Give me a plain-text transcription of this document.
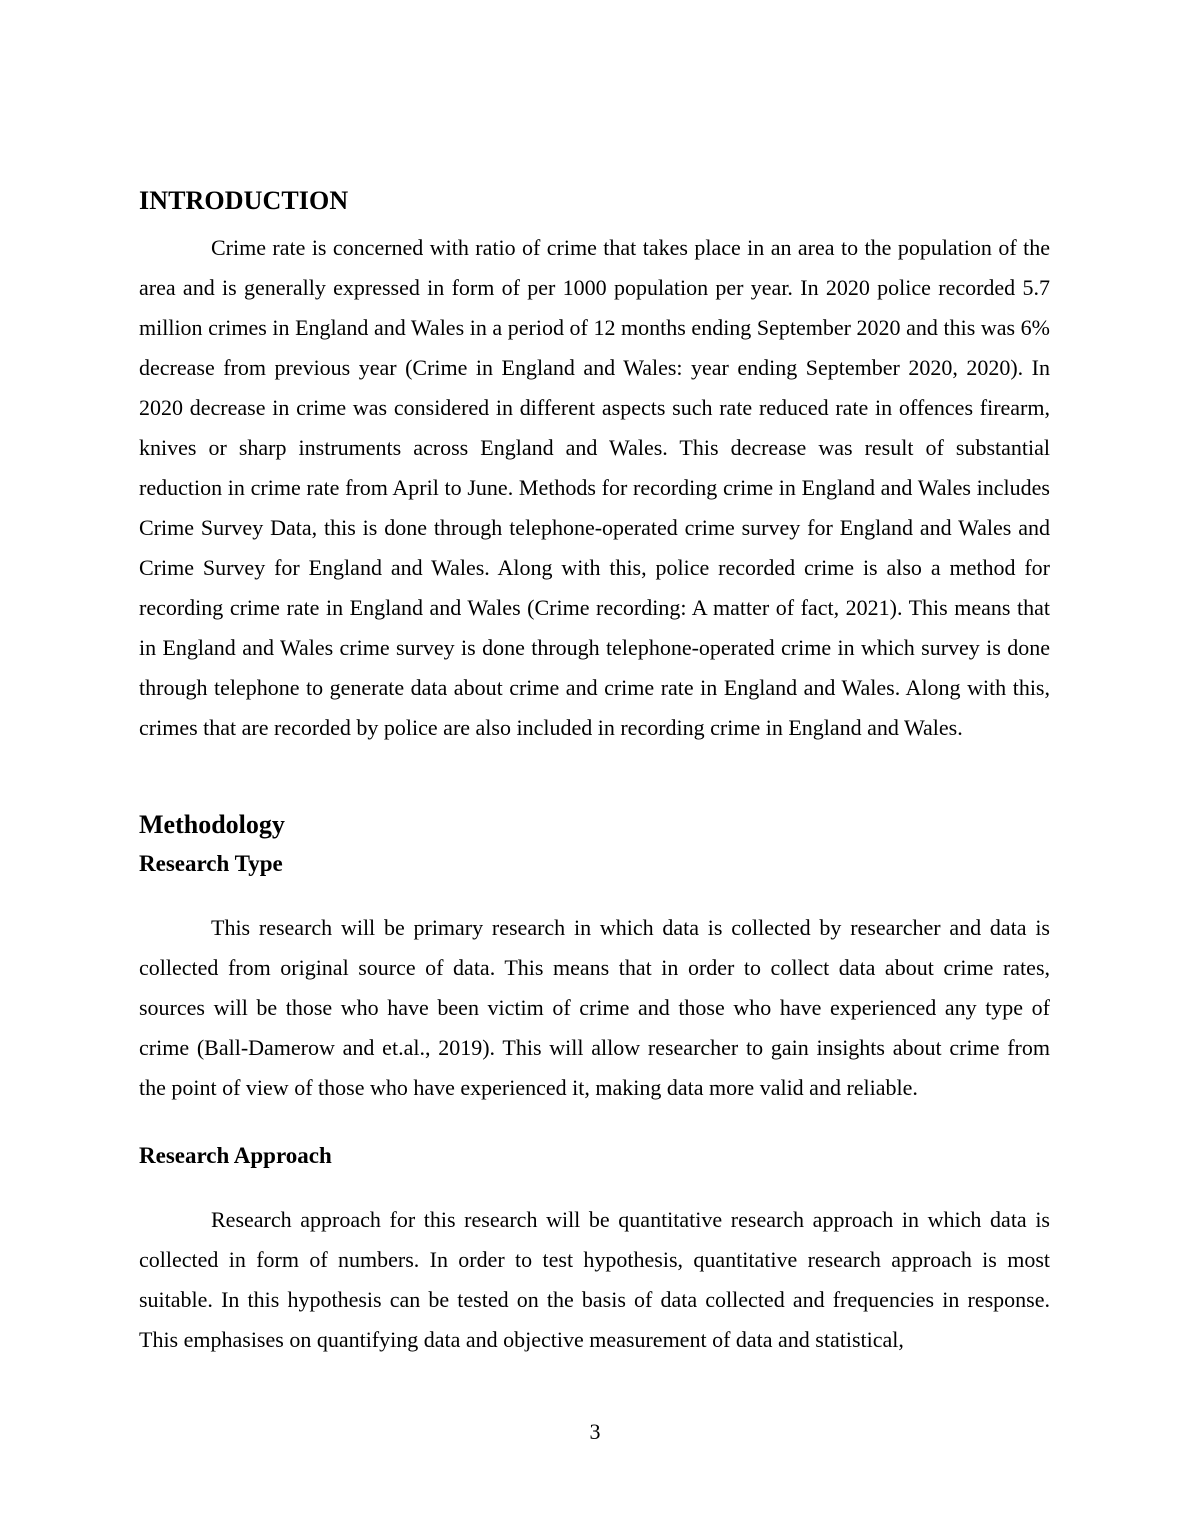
INTRODUCTION

Crime rate is concerned with ratio of crime that takes place in an area to the population of the area and is generally expressed in form of per 1000 population per year. In 2020 police recorded 5.7 million crimes in England and Wales in a period of 12 months ending September 2020 and this was 6% decrease from previous year (Crime in England and Wales: year ending September 2020, 2020). In 2020 decrease in crime was considered in different aspects such rate reduced rate in offences firearm, knives or sharp instruments across England and Wales. This decrease was result of substantial reduction in crime rate from April to June. Methods for recording crime in England and Wales includes Crime Survey Data, this is done through telephone-operated crime survey for England and Wales and Crime Survey for England and Wales. Along with this, police recorded crime is also a method for recording crime rate in England and Wales (Crime recording: A matter of fact, 2021). This means that in England and Wales crime survey is done through telephone-operated crime in which survey is done through telephone to generate data about crime and crime rate in England and Wales. Along with this, crimes that are recorded by police are also included in recording crime in England and Wales.

Methodology
Research Type

This research will be primary research in which data is collected by researcher and data is collected from original source of data. This means that in order to collect data about crime rates, sources will be those who have been victim of crime and those who have experienced any type of crime (Ball-Damerow and et.al., 2019). This will allow researcher to gain insights about crime from the point of view of those who have experienced it, making data more valid and reliable.

Research Approach

Research approach for this research will be quantitative research approach in which data is collected in form of numbers. In order to test hypothesis, quantitative research approach is most suitable. In this hypothesis can be tested on the basis of data collected and frequencies in response. This emphasises on quantifying data and objective measurement of data and statistical,

3
